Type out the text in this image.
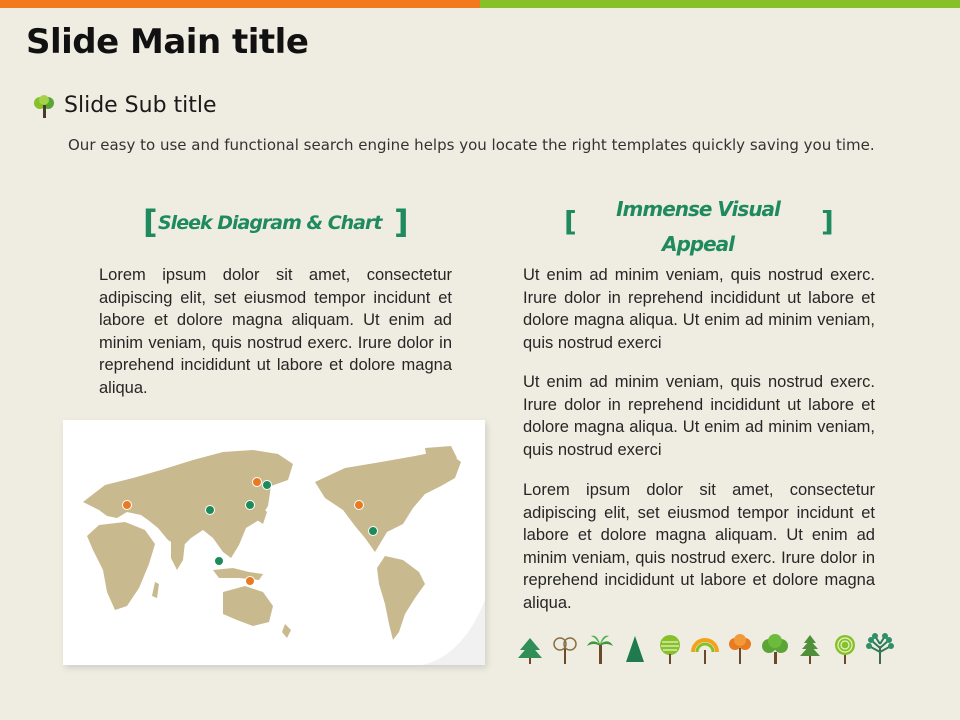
Slide Main title
Slide Sub title
Our easy to use and functional search engine helps you locate the right templates quickly saving you time.
[ Sleek Diagram & Chart ]	[	Immense Visual Appeal
]
Lorem ipsum dolor sit amet, consectetur adipiscing elit, set eiusmod tempor incidunt et labore et dolore magna aliquam. Ut enim ad minim veniam, quis nostrud exerc. Irure dolor in reprehend incididunt ut labore et dolore magna aliqua.
Ut enim ad minim veniam, quis nostrud exerc. Irure dolor in reprehend incididunt ut labore et dolore magna aliqua. Ut enim ad minim veniam, quis nostrud exerci
Ut enim ad minim veniam, quis nostrud exerc. Irure dolor in reprehend incididunt ut labore et dolore magna aliqua. Ut enim ad minim veniam, quis nostrud exerci
Lorem ipsum dolor sit amet, consectetur adipiscing elit, set eiusmod tempor incidunt et labore et dolore magna aliquam. Ut enim ad minim veniam, quis nostrud exerc. Irure dolor in reprehend incididunt ut labore et dolore magna aliqua.
